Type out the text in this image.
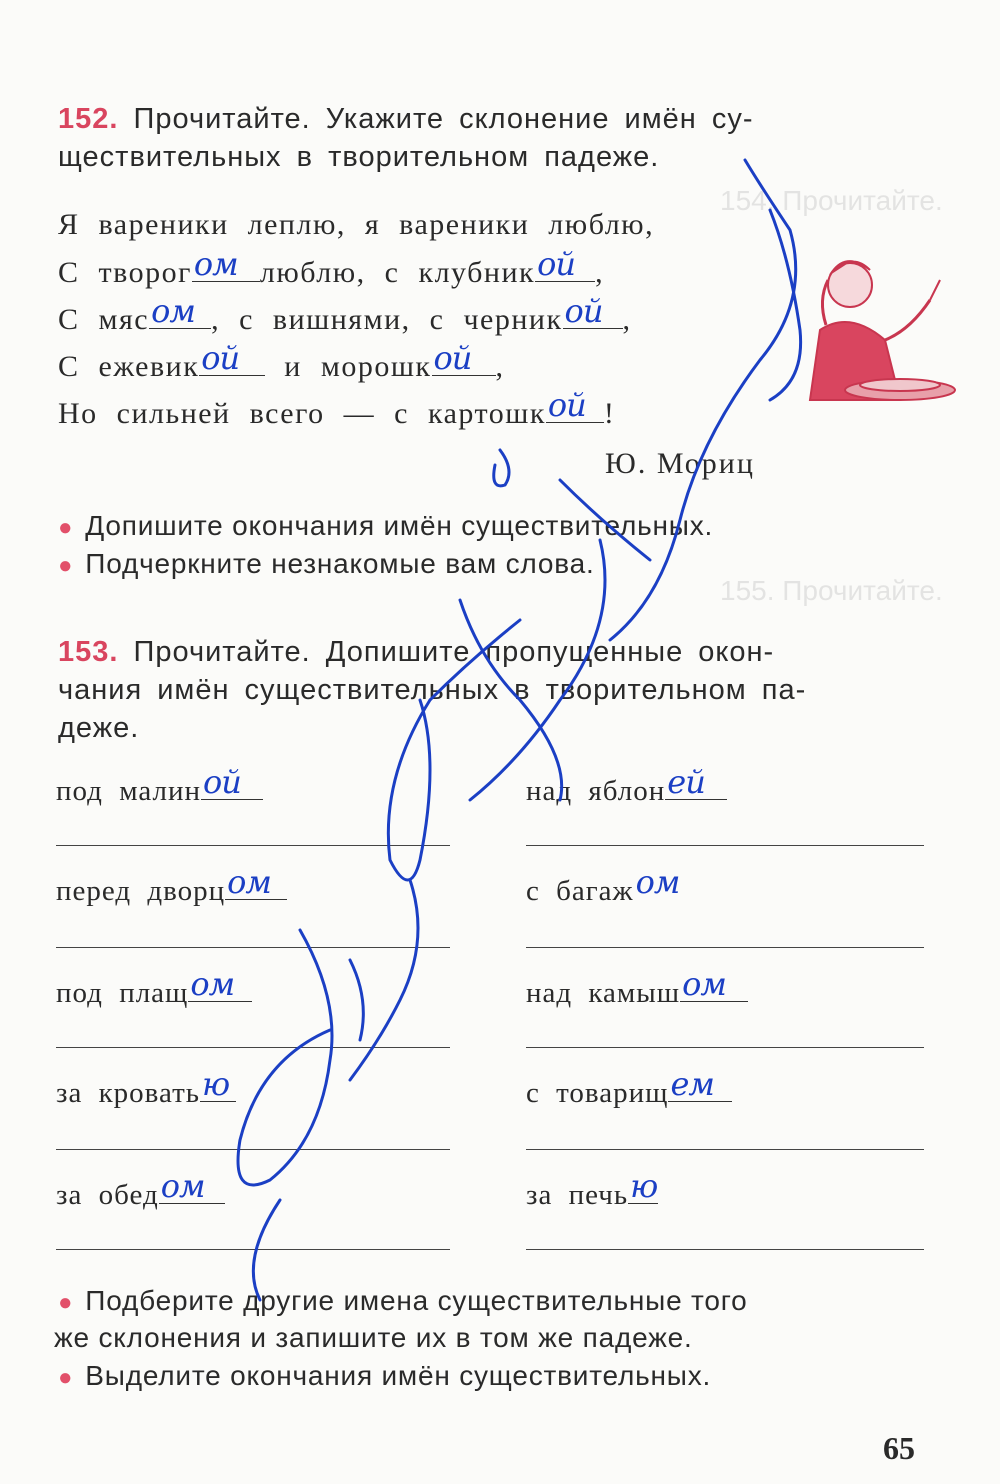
154. Прочитайте.
155. Прочитайте.
152. Прочитайте. Укажите склонение имён су-
ществительных в творительном падеже.
Я вареники леплю, я вареники люблю,
С творог ом люблю, с клубник ой ,
С мяс ом , с вишнями, с черник ой ,
С ежевик ой и морошк ой ,
Но сильней всего — с картошк ой !
Ю. Мориц
● Допишите окончания имён существительных.
● Подчеркните незнакомые вам слова.
153. Прочитайте. Допишите пропущенные окон-
чания имён существительных в творительном па-
деже.
под малин ой
перед дворц ом
под плащ ом
за кровать ю
за обед ом
над яблон ей
с багаж ом
над камыш ом
с товарищ ем
за печь ю
● Подберите другие имена существительные того
же склонения и запишите их в том же падеже.
● Выделите окончания имён существительных.
65
